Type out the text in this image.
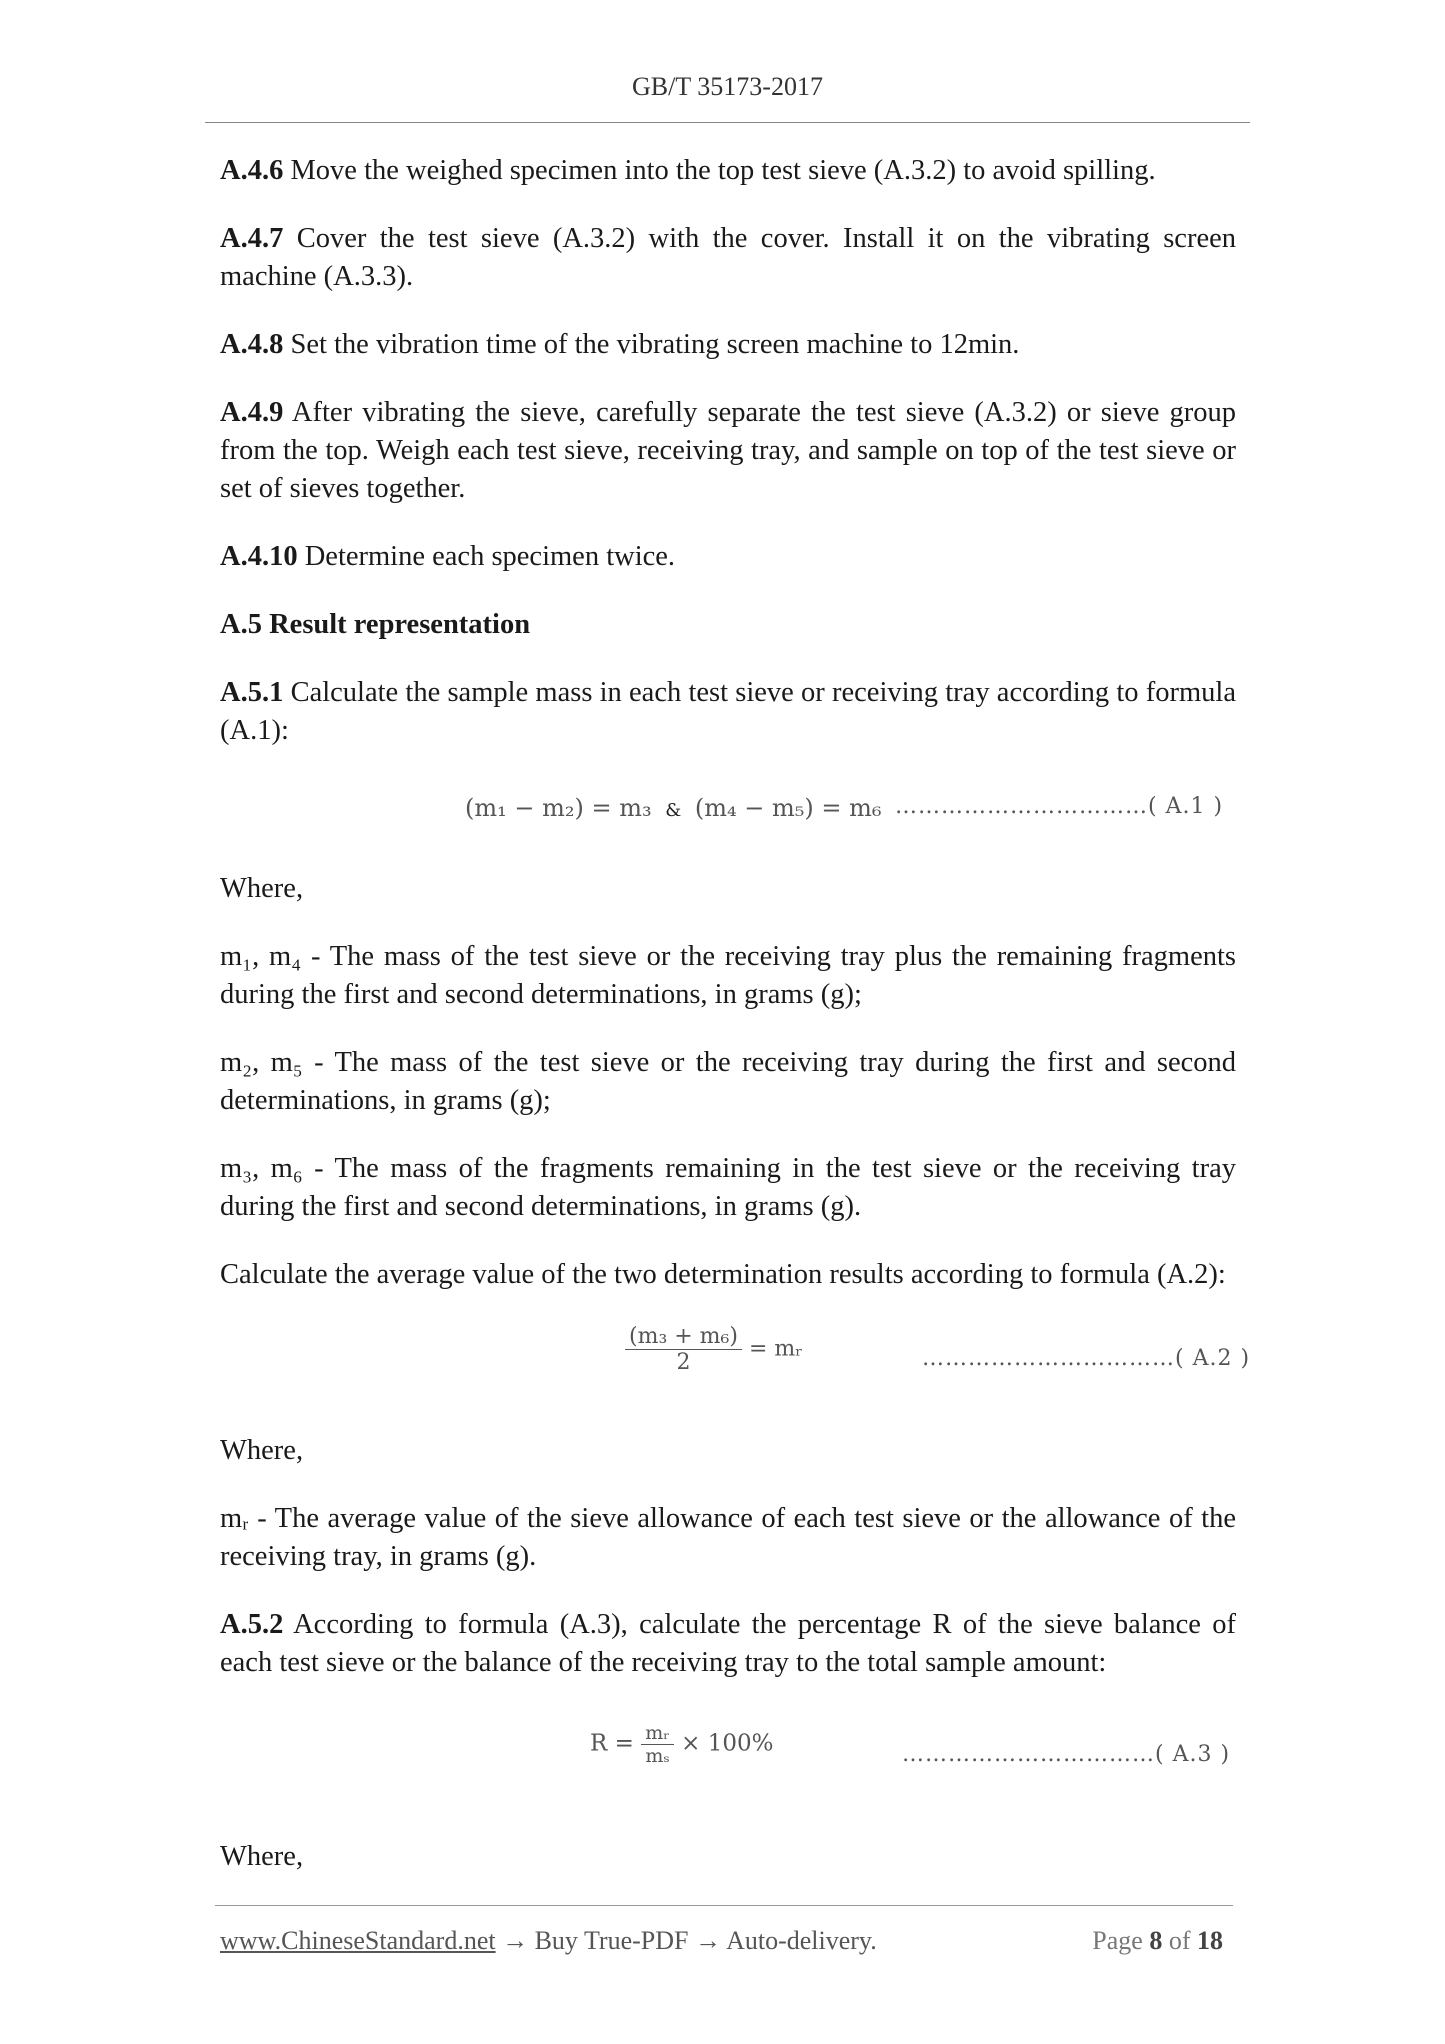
GB/T 35173-2017

A.4.6 Move the weighed specimen into the top test sieve (A.3.2) to avoid spilling.

A.4.7 Cover the test sieve (A.3.2) with the cover. Install it on the vibrating screen machine (A.3.3).

A.4.8 Set the vibration time of the vibrating screen machine to 12min.

A.4.9 After vibrating the sieve, carefully separate the test sieve (A.3.2) or sieve group from the top. Weigh each test sieve, receiving tray, and sample on top of the test sieve or set of sieves together.

A.4.10 Determine each specimen twice.

A.5 Result representation

A.5.1 Calculate the sample mass in each test sieve or receiving tray according to formula (A.1):

(m₁ − m₂) = m₃ & (m₄ − m₅) = m₆ ……………………………( A.1 )

Where,

m₁, m₄ - The mass of the test sieve or the receiving tray plus the remaining fragments during the first and second determinations, in grams (g);

m₂, m₅ - The mass of the test sieve or the receiving tray during the first and second determinations, in grams (g);

m₃, m₆ - The mass of the fragments remaining in the test sieve or the receiving tray during the first and second determinations, in grams (g).

Calculate the average value of the two determination results according to formula (A.2):

$\frac{\text{(m₃ + m₆)}}{2}$ = mᵣ	……………………………( A.2 )

Where,

mᵣ - The average value of the sieve allowance of each test sieve or the allowance of the receiving tray, in grams (g).

A.5.2 According to formula (A.3), calculate the percentage R of the sieve balance of each test sieve or the balance of the receiving tray to the total sample amount:

$R = \frac{\text{mᵣ}}{\text{mₛ}} \times 100\%$	……………………………( A.3 )

Where,

www.ChineseStandard.net → Buy True-PDF → Auto-delivery.	Page 8 of 18
